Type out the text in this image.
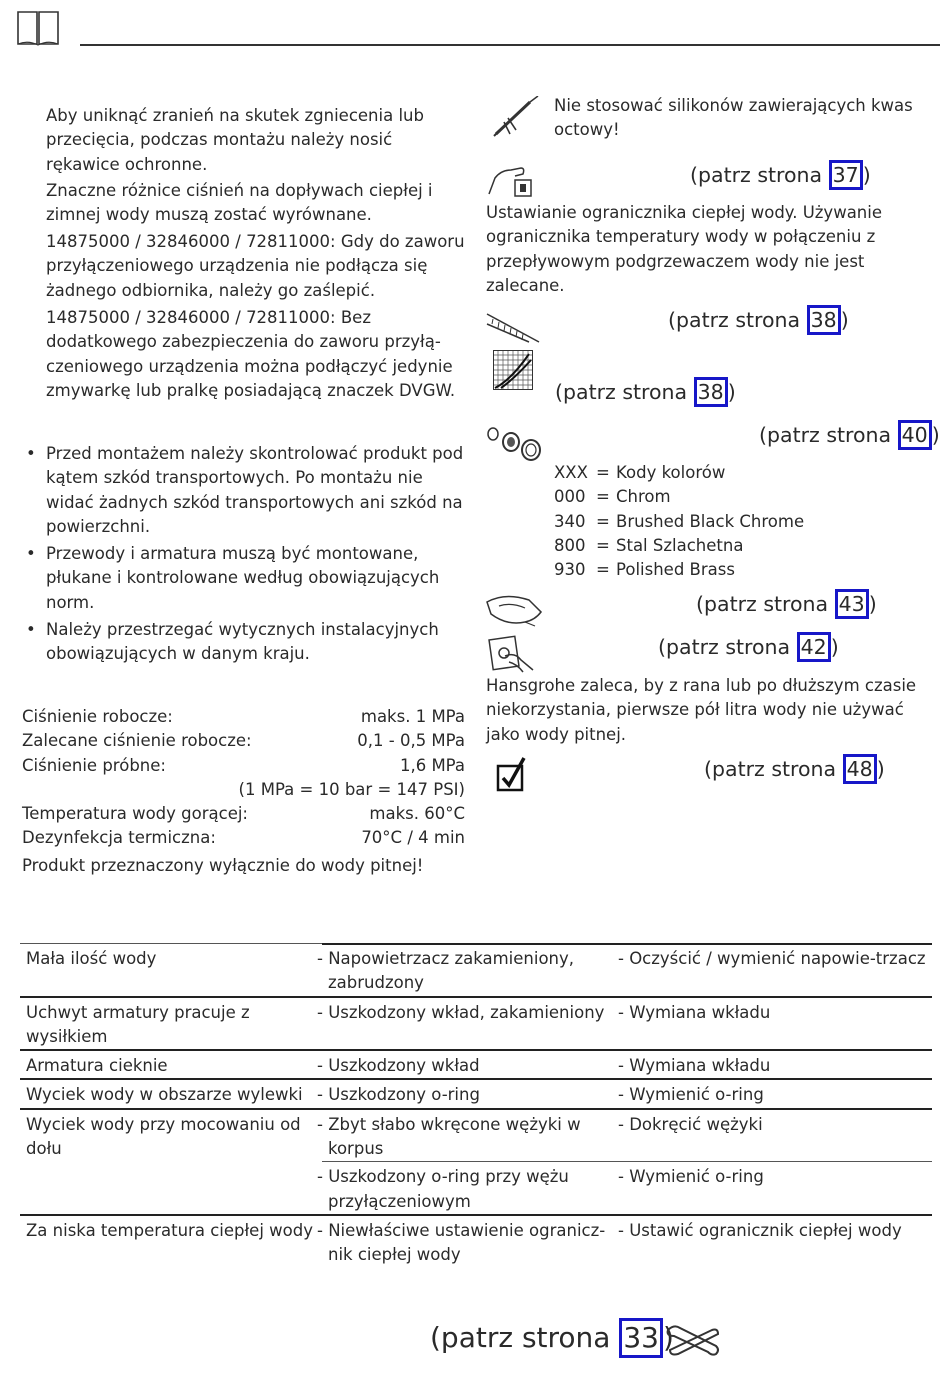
Aby uniknąć zranień na skutek zgniecenia lub przecięcia, podczas montażu należy nosić rękawice ochronne.
Znaczne różnice ciśnień na dopływach ciepłej i zimnej wody muszą zostać wyrównane.
14875000 / 32846000 / 72811000: Gdy do zaworu przyłączeniowego urządzenia nie podłącza się żadnego odbiornika, należy go zaślepić.
14875000 / 32846000 / 72811000: Bez dodatkowego zabezpieczenia do zaworu przyłą-czeniowego urządzenia można podłączyć jedynie zmywarkę lub pralkę posiadającą znaczek DVGW.
• Przed montażem należy skontrolować produkt pod kątem szkód transportowych. Po montażu nie widać żadnych szkód transportowych ani szkód na powierzchni.
• Przewody i armatura muszą być montowane, płukane i kontrolowane według obowiązujących norm.
• Należy przestrzegać wytycznych instalacyjnych obowiązujących w danym kraju.
Ciśnienie robocze:	maks. 1 MPa
Zalecane ciśnienie robocze:	0,1 - 0,5 MPa
Ciśnienie próbne:	1,6 MPa
(1 MPa = 10 bar = 147 PSI)
Temperatura wody gorącej:	maks. 60°C
Dezynfekcja termiczna:	70°C / 4 min
Produkt przeznaczony wyłącznie do wody pitnej!
Nie stosować silikonów zawierających kwas octowy!
(patrz strona 37 )
Ustawianie ogranicznika ciepłej wody. Używanie ogranicznika temperatury wody w połączeniu z przepływowym podgrzewaczem wody nie jest zalecane.
(patrz strona 38 )
(patrz strona 38 )
(patrz strona 40 )
XXX = Kody kolorów
000 = Chrom
340 = Brushed Black Chrome
800 = Stal Szlachetna
930 = Polished Brass
(patrz strona 43 )
(patrz strona 42 )
Hansgrohe zaleca, by z rana lub po dłuższym czasie niekorzystania, pierwsze pół litra wody nie używać jako wody pitnej.
(patrz strona 48 )
Mała ilość wody	- Napowietrzacz zakamieniony, zabrudzony	- Oczyścić / wymienić napowie-trzacz
Uchwyt armatury pracuje z wysiłkiem	- Uszkodzony wkład, zakamieniony	- Wymiana wkładu
Armatura cieknie	- Uszkodzony wkład	- Wymiana wkładu
Wyciek wody w obszarze wylewki	- Uszkodzony o-ring	- Wymienić o-ring
Wyciek wody przy mocowaniu od dołu	- Zbyt słabo wkręcone wężyki w korpus	- Dokręcić wężyki
	- Uszkodzony o-ring przy wężu przyłączeniowym	- Wymienić o-ring
Za niska temperatura ciepłej wody	- Niewłaściwe ustawienie ogranicz-nik ciepłej wody	- Ustawić ogranicznik ciepłej wody
(patrz strona 33 )
